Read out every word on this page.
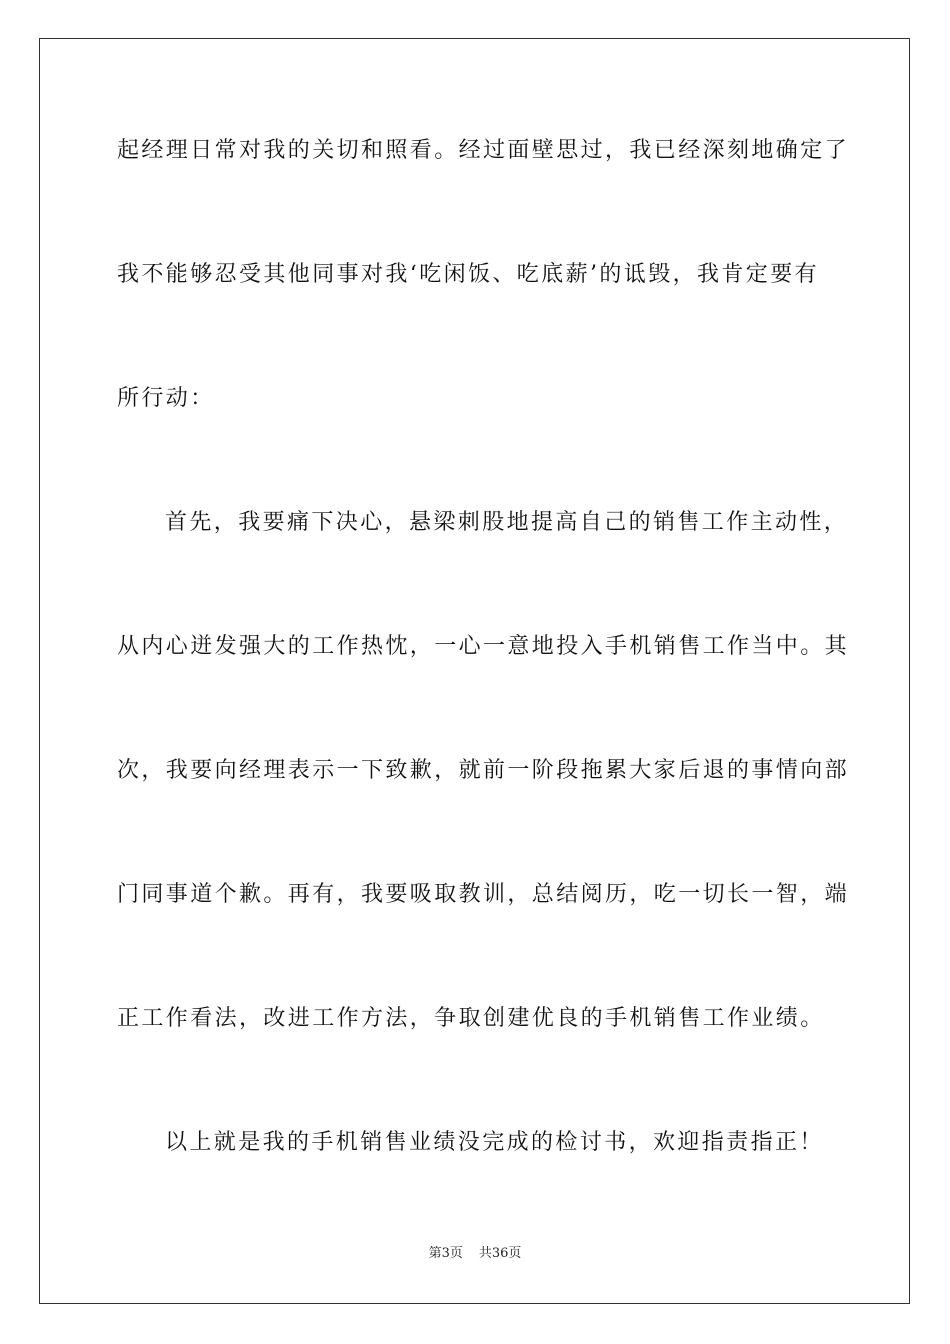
起经理日常对我的关切和照看。经过面壁思过，我已经深刻地确定了
我不能够忍受其他同事对我‘吃闲饭、吃底薪’的诋毁，我肯定要有
所行动：
首先，我要痛下决心，悬梁刺股地提高自己的销售工作主动性，
从内心迸发强大的工作热忱，一心一意地投入手机销售工作当中。其
次，我要向经理表示一下致歉，就前一阶段拖累大家后退的事情向部
门同事道个歉。再有，我要吸取教训，总结阅历，吃一切长一智，端
正工作看法，改进工作方法，争取创建优良的手机销售工作业绩。
以上就是我的手机销售业绩没完成的检讨书，欢迎指责指正！
第3页 共36页
